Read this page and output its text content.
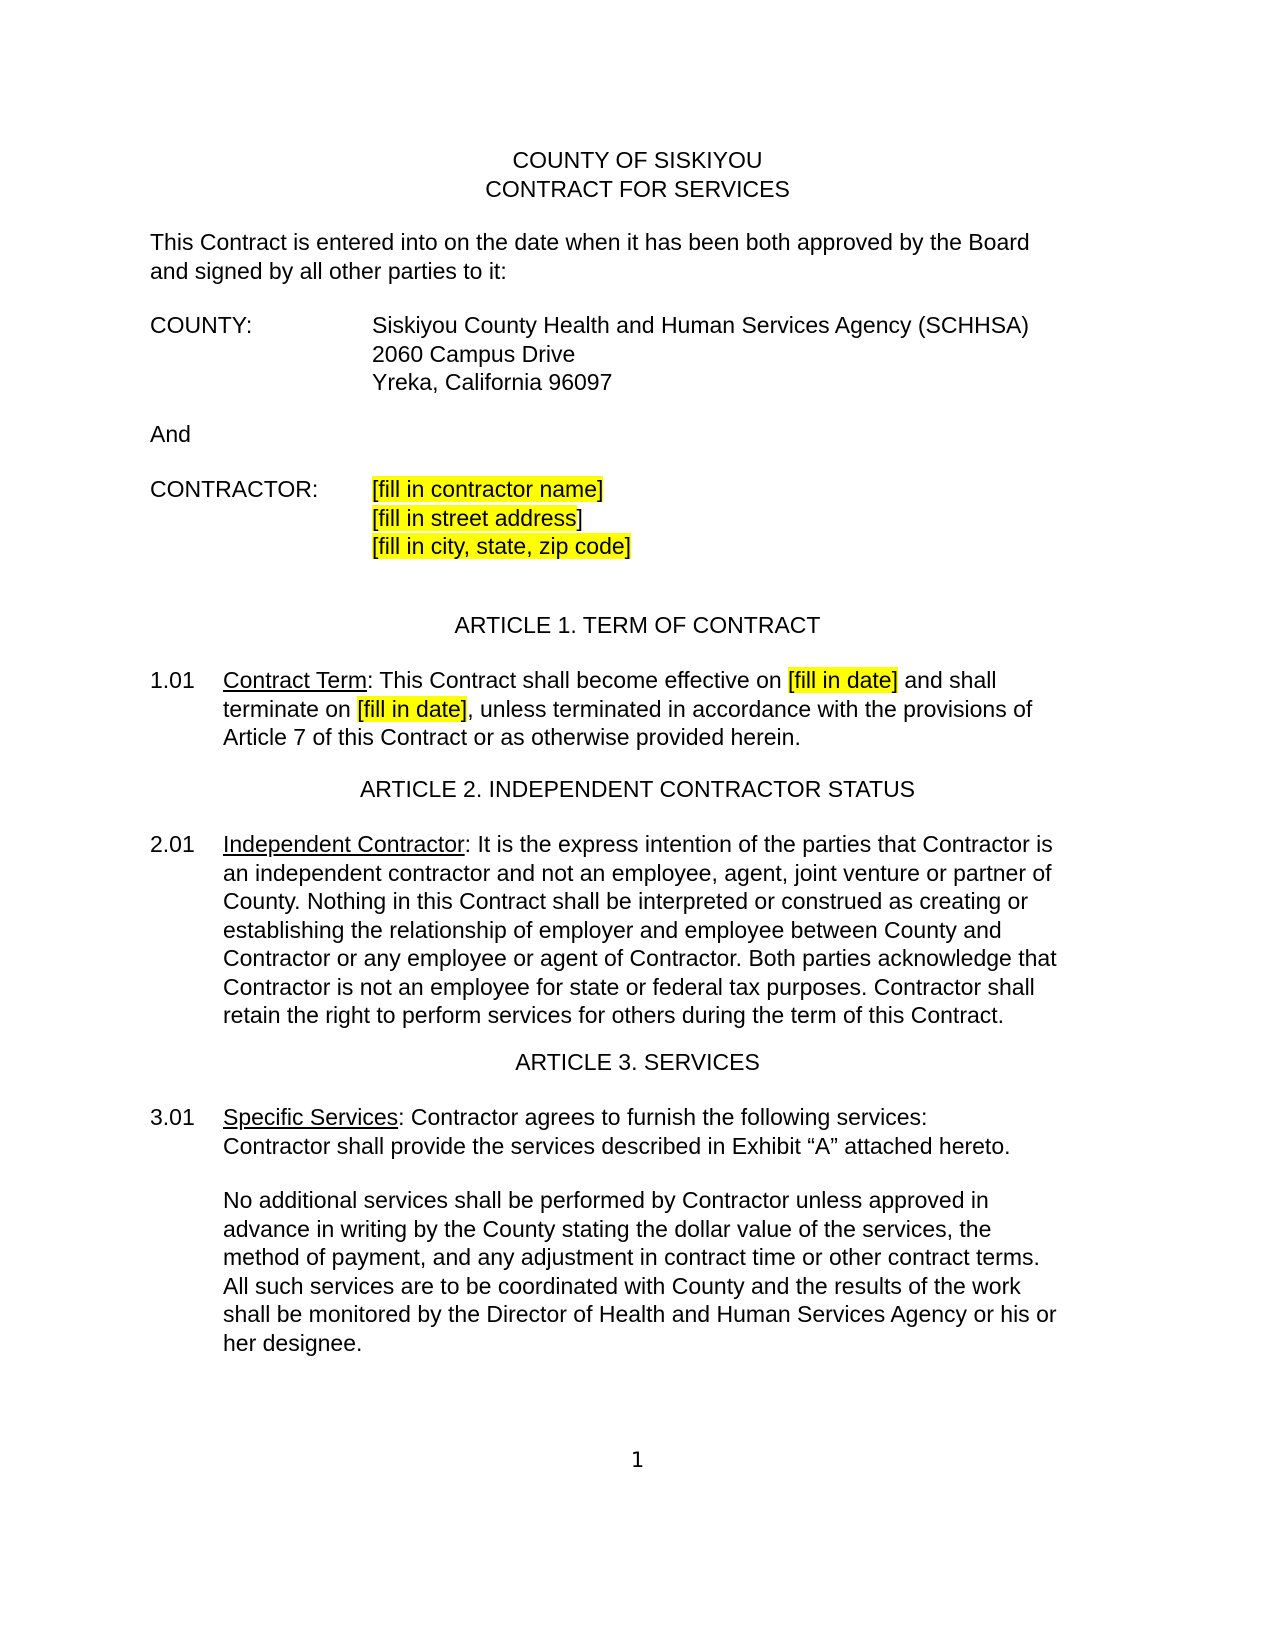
COUNTY OF SISKIYOU
CONTRACT FOR SERVICES
This Contract is entered into on the date when it has been both approved by the Board
and signed by all other parties to it:
COUNTY:	Siskiyou County Health and Human Services Agency (SCHHSA)
2060 Campus Drive
Yreka, California 96097
And
CONTRACTOR: [fill in contractor name]
[fill in street address]
[fill in city, state, zip code]
ARTICLE 1. TERM OF CONTRACT
1.01 Contract Term: This Contract shall become effective on [fill in date] and shall
terminate on [fill in date], unless terminated in accordance with the provisions of
Article 7 of this Contract or as otherwise provided herein.
ARTICLE 2. INDEPENDENT CONTRACTOR STATUS
2.01 Independent Contractor: It is the express intention of the parties that Contractor is
an independent contractor and not an employee, agent, joint venture or partner of
County. Nothing in this Contract shall be interpreted or construed as creating or
establishing the relationship of employer and employee between County and
Contractor or any employee or agent of Contractor. Both parties acknowledge that
Contractor is not an employee for state or federal tax purposes. Contractor shall
retain the right to perform services for others during the term of this Contract.
ARTICLE 3. SERVICES
3.01 Specific Services: Contractor agrees to furnish the following services:
Contractor shall provide the services described in Exhibit “A” attached hereto.
No additional services shall be performed by Contractor unless approved in
advance in writing by the County stating the dollar value of the services, the
method of payment, and any adjustment in contract time or other contract terms.
All such services are to be coordinated with County and the results of the work
shall be monitored by the Director of Health and Human Services Agency or his or
her designee.
1
